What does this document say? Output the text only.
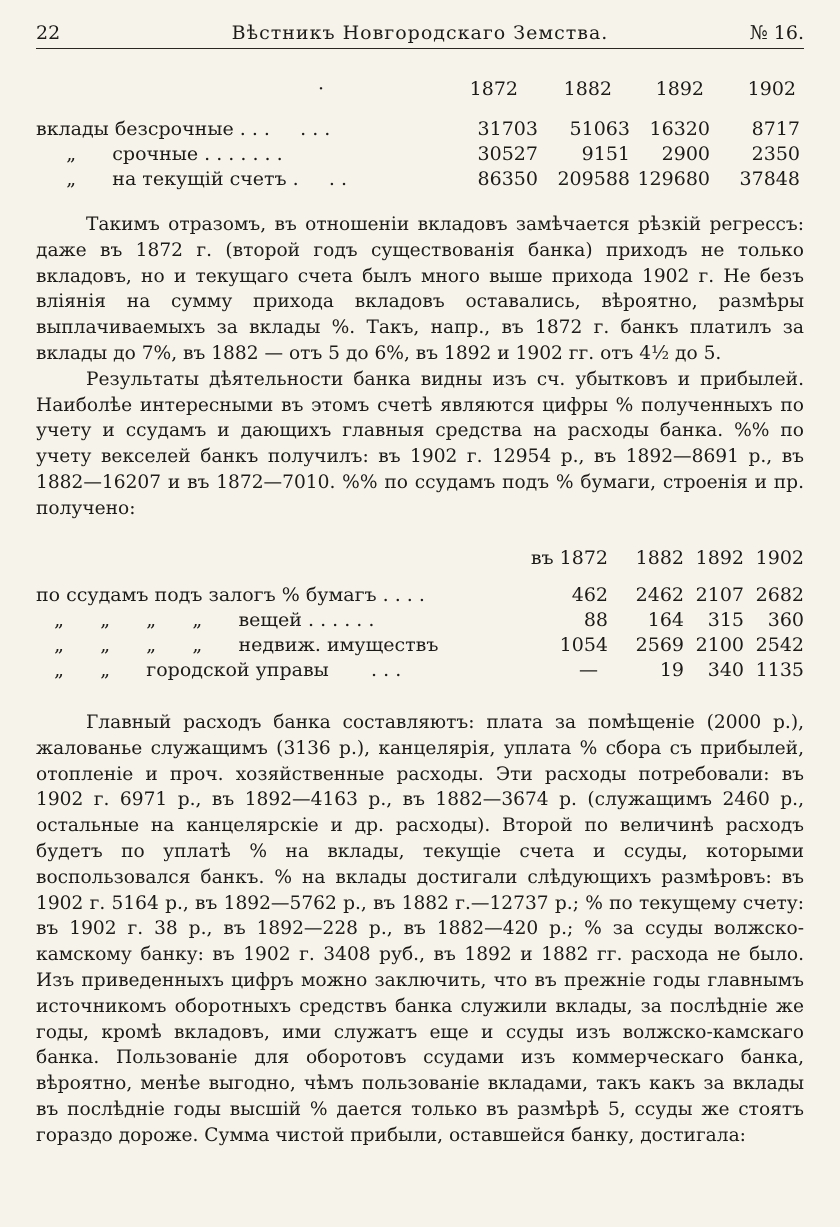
22	Вѣстникъ Новгородскаго Земства.	№ 16.
·	1872 1882 1892 1902
вклады безсрочные . . .     . . .	31703 51063 16320 8717
„      срочные . . . . . . .	30527 9151 2900 2350
„      на текущій счетъ .     . .	86350 209588 129680 37848

Такимъ отразомъ, въ отношеніи вкладовъ замѣчается рѣзкій регрессъ: даже въ 1872 г. (второй годъ существованія банка) приходъ не только вкладовъ, но и текущаго счета былъ много выше прихода 1902 г. Не безъ вліянія на сумму прихода вкладовъ оставались, вѣроятно, размѣры выплачиваемыхъ за вклады %. Такъ, напр., въ 1872 г. банкъ платилъ за вклады до 7%, въ 1882 — отъ 5 до 6%, въ 1892 и 1902 гг. отъ 4½ до 5.

Результаты дѣятельности банка видны изъ сч. убытковъ и прибылей. Наиболѣе интересными въ этомъ счетѣ являются цифры % полученныхъ по учету и ссудамъ и дающихъ главныя средства на расходы банка. %% по учету векселей банкъ получилъ: въ 1902 г. 12954 р., въ 1892—8691 р., въ 1882—16207 и въ 1872—7010. %% по ссудамъ подъ % бумаги, строенія и пр. получено:

въ 1872 1882 1892 1902
по ссудамъ подъ залогъ % бумагъ . . . .	462 2462 2107 2682
„      „      „      „      вещей . . . . . .	88 164 315 360
„      „      „      „      недвиж. имуществъ	1054 2569 2100 2542
„      „      городской управы       . . .	—	19 340 1135

Главный расходъ банка составляютъ: плата за помѣщеніе (2000 р.), жалованье служащимъ (3136 р.), канцелярія, уплата % сбора съ прибылей, отопленіе и проч. хозяйственные расходы. Эти расходы потребовали: въ 1902 г. 6971 р., въ 1892—4163 р., въ 1882—3674 р. (служащимъ 2460 р., остальные на канцелярскіе и др. расходы). Второй по величинѣ расходъ будетъ по уплатѣ % на вклады, текущіе счета и ссуды, которыми воспользовался банкъ. % на вклады достигали слѣдующихъ размѣровъ: въ 1902 г. 5164 р., въ 1892—5762 р., въ 1882 г.—12737 р.; % по текущему счету: въ 1902 г. 38 р., въ 1892—228 р., въ 1882—420 р.; % за ссуды волжско-камскому банку: въ 1902 г. 3408 руб., въ 1892 и 1882 гг. расхода не было. Изъ приведенныхъ цифръ можно заключить, что въ прежніе годы главнымъ источникомъ оборотныхъ средствъ банка служили вклады, за послѣдніе же годы, кромѣ вкладовъ, ими служатъ еще и ссуды изъ волжско-камскаго банка. Пользованіе для оборотовъ ссудами изъ коммерческаго банка, вѣроятно, менѣе выгодно, чѣмъ пользованіе вкладами, такъ какъ за вклады въ послѣдніе годы высшій % дается только въ размѣрѣ 5, ссуды же стоятъ гораздо дороже. Сумма чистой прибыли, оставшейся банку, достигала:
